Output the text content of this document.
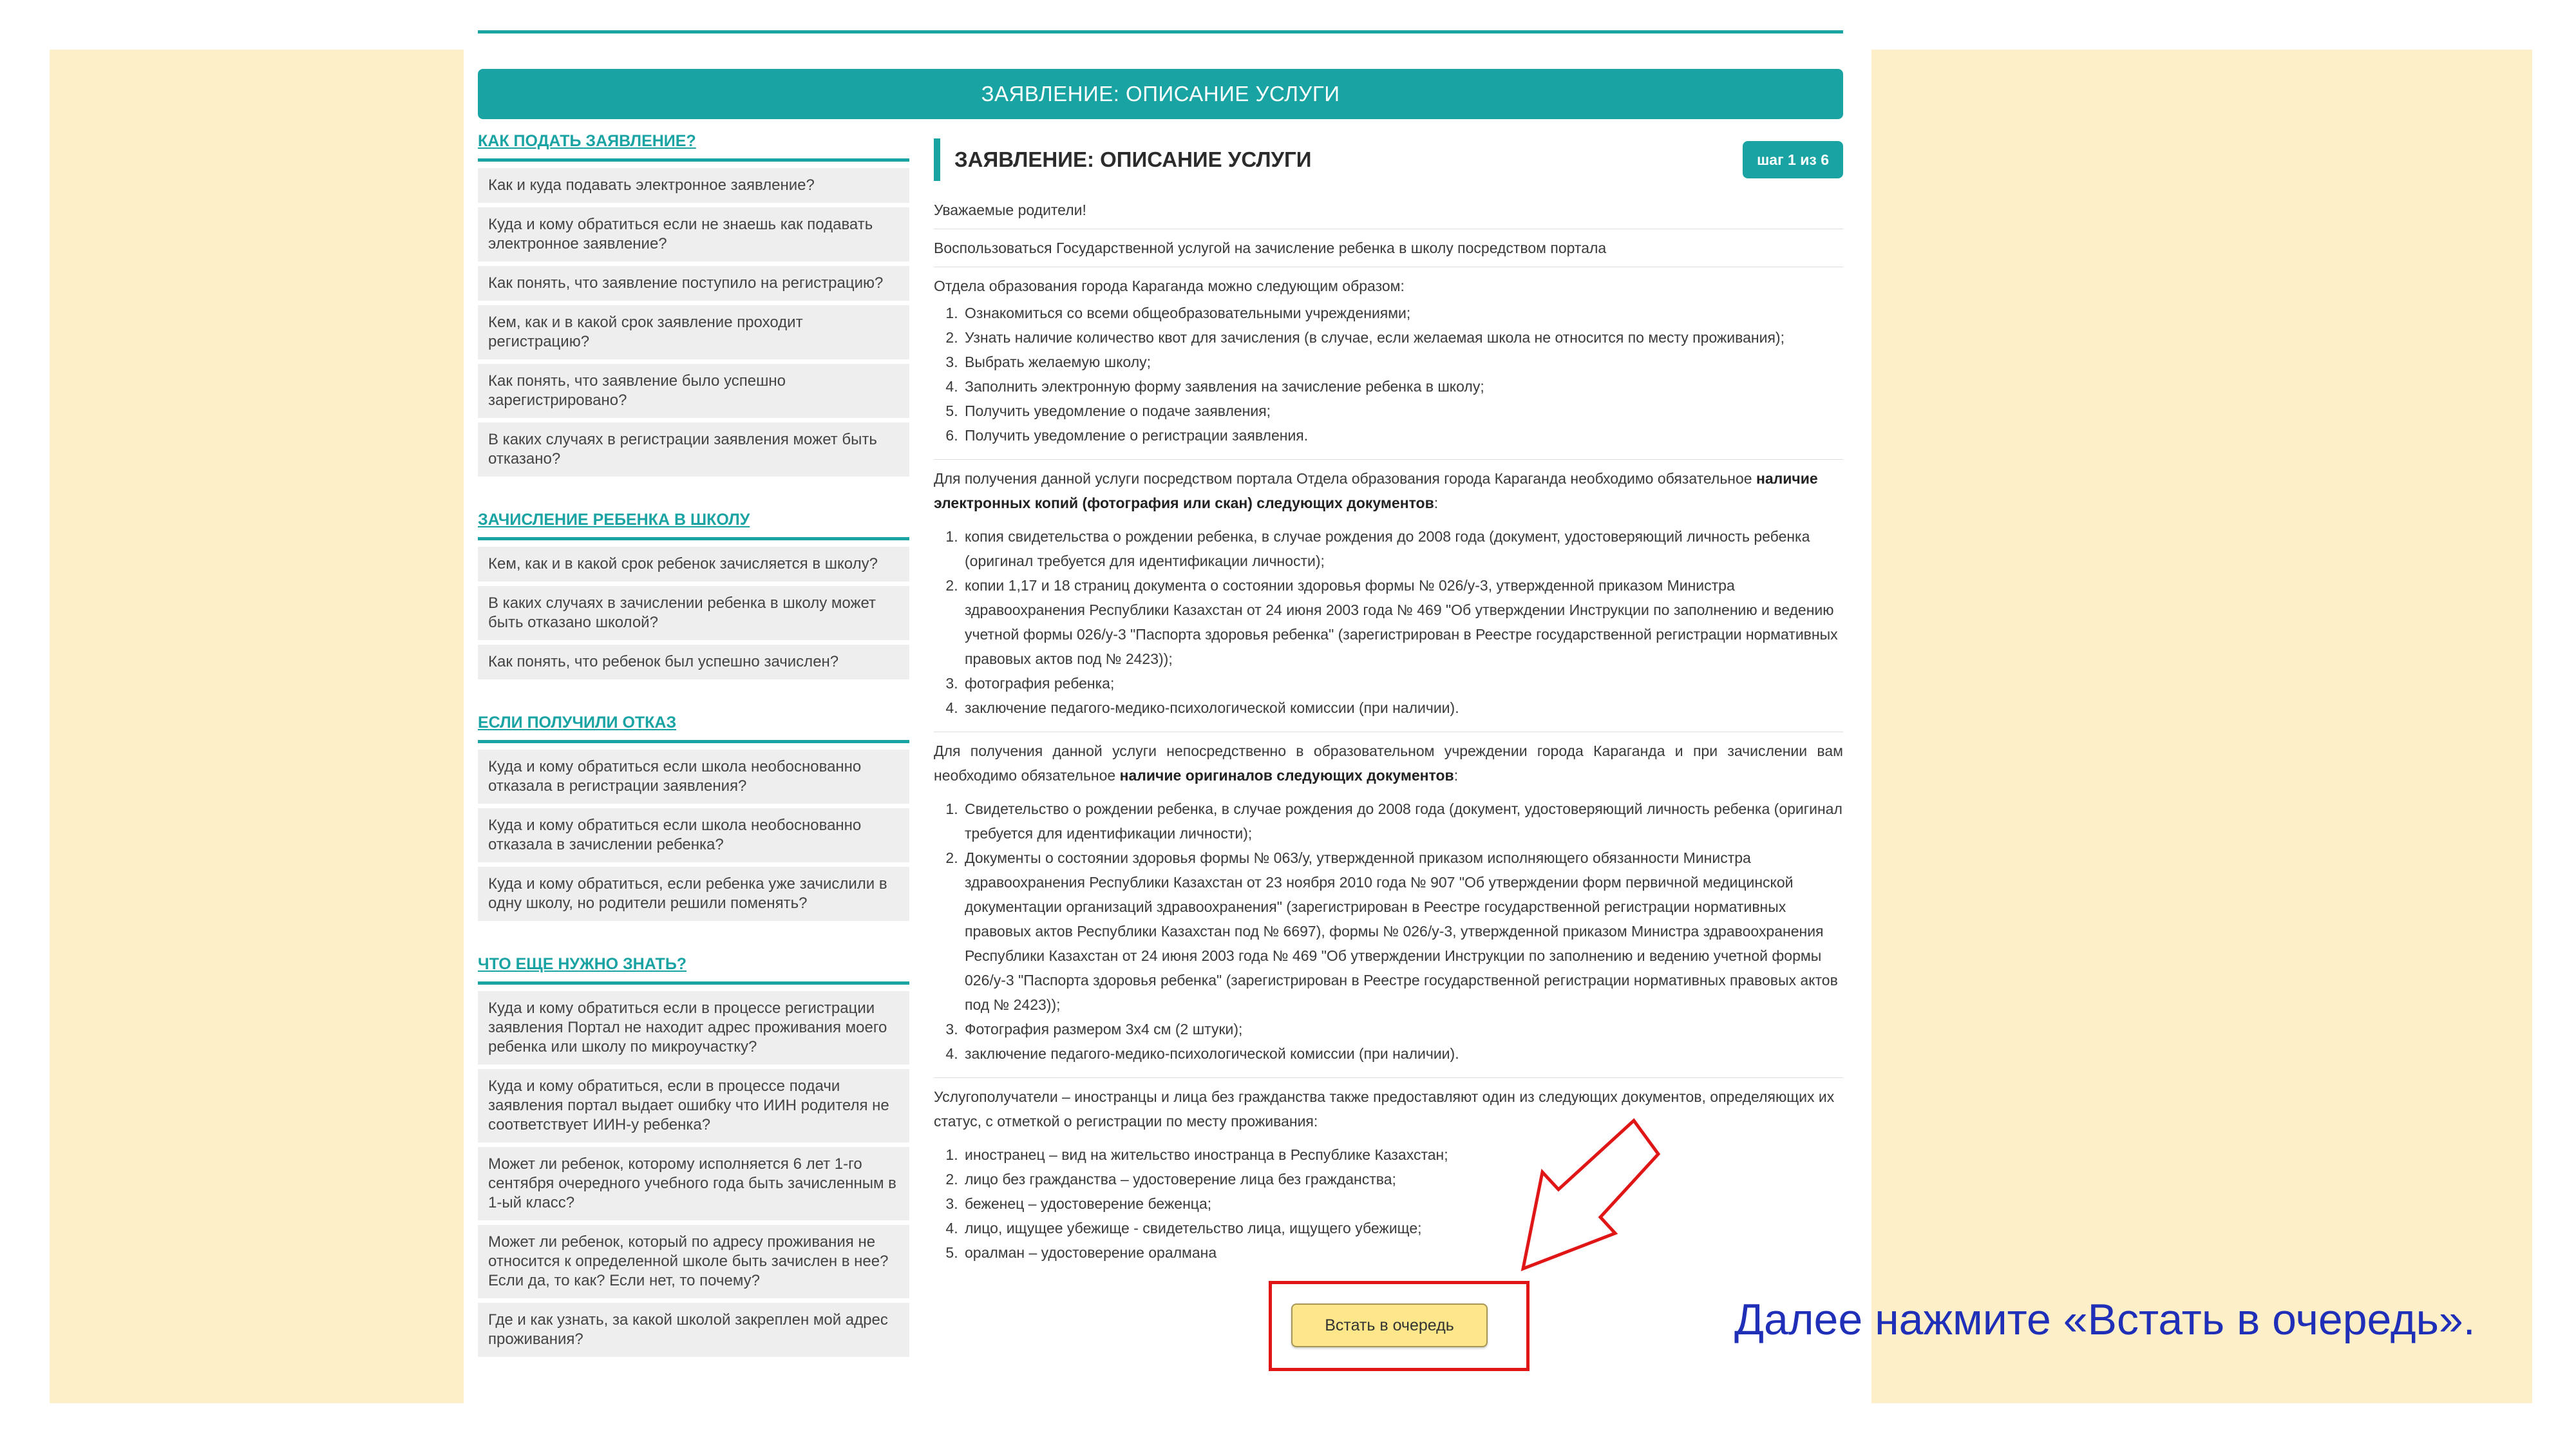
ЗАЯВЛЕНИЕ: ОПИСАНИЕ УСЛУГИ
КАК ПОДАТЬ ЗАЯВЛЕНИЕ?
Как и куда подавать электронное заявление?
Куда и кому обратиться если не знаешь как подавать электронное заявление?
Как понять, что заявление поступило на регистрацию?
Кем, как и в какой срок заявление проходит регистрацию?
Как понять, что заявление было успешно зарегистрировано?
В каких случаях в регистрации заявления может быть отказано?
ЗАЧИСЛЕНИЕ РЕБЕНКА В ШКОЛУ
Кем, как и в какой срок ребенок зачисляется в школу?
В каких случаях в зачислении ребенка в школу может быть отказано школой?
Как понять, что ребенок был успешно зачислен?
ЕСЛИ ПОЛУЧИЛИ ОТКАЗ
Куда и кому обратиться если школа необоснованно отказала в регистрации заявления?
Куда и кому обратиться если школа необоснованно отказала в зачислении ребенка?
Куда и кому обратиться, если ребенка уже зачислили в одну школу, но родители решили поменять?
ЧТО ЕЩЕ НУЖНО ЗНАТЬ?
Куда и кому обратиться если в процессе регистрации заявления Портал не находит адрес проживания моего ребенка или школу по микроучастку?
Куда и кому обратиться, если в процессе подачи заявления портал выдает ошибку что ИИН родителя не соответствует ИИН-у ребенка?
Может ли ребенок, которому исполняется 6 лет 1-го сентября очередного учебного года быть зачисленным в 1-ый класс?
Может ли ребенок, который по адресу проживания не относится к определенной школе быть зачислен в нее? Если да, то как? Если нет, то почему?
Где и как узнать, за какой школой закреплен мой адрес проживания?
ЗАЯВЛЕНИЕ: ОПИСАНИЕ УСЛУГИ	шаг 1 из 6

Уважаемые родители!

Воспользоваться Государственной услугой на зачисление ребенка в школу посредством портала

Отдела образования города Караганда можно следующим образом:

1. Ознакомиться со всеми общеобразовательными учреждениями;
2. Узнать наличие количество квот для зачисления (в случае, если желаемая школа не относится по месту проживания);
3. Выбрать желаемую школу;
4. Заполнить электронную форму заявления на зачисление ребенка в школу;
5. Получить уведомление о подаче заявления;
6. Получить уведомление о регистрации заявления.

Для получения данной услуги посредством портала Отдела образования города Караганда необходимо обязательное наличие электронных копий (фотография или скан) следующих документов:

1. копия свидетельства о рождении ребенка, в случае рождения до 2008 года (документ, удостоверяющий личность ребенка (оригинал требуется для идентификации личности);
2. копии 1,17 и 18 страниц документа о состоянии здоровья формы № 026/у-3, утвержденной приказом Министра здравоохранения Республики Казахстан от 24 июня 2003 года № 469 "Об утверждении Инструкции по заполнению и ведению учетной формы 026/у-3 "Паспорта здоровья ребенка" (зарегистрирован в Реестре государственной регистрации нормативных правовых актов под № 2423));
3. фотография ребенка;
4. заключение педагого-медико-психологической комиссии (при наличии).

Для получения данной услуги непосредственно в образовательном учреждении города Караганда и при зачислении вам необходимо обязательное наличие оригиналов следующих документов:

1. Свидетельство о рождении ребенка, в случае рождения до 2008 года (документ, удостоверяющий личность ребенка (оригинал требуется для идентификации личности);
2. Документы о состоянии здоровья формы № 063/у, утвержденной приказом исполняющего обязанности Министра здравоохранения Республики Казахстан от 23 ноября 2010 года № 907 "Об утверждении форм первичной медицинской документации организаций здравоохранения" (зарегистрирован в Реестре государственной регистрации нормативных правовых актов Республики Казахстан под № 6697), формы № 026/у-3, утвержденной приказом Министра здравоохранения Республики Казахстан от 24 июня 2003 года № 469 "Об утверждении Инструкции по заполнению и ведению учетной формы 026/у-3 "Паспорта здоровья ребенка" (зарегистрирован в Реестре государственной регистрации нормативных правовых актов под № 2423));
3. Фотография размером 3х4 см (2 штуки);
4. заключение педагого-медико-психологической комиссии (при наличии).

Услугополучатели – иностранцы и лица без гражданства также предоставляют один из следующих документов, определяющих их статус, с отметкой о регистрации по месту проживания:

1. иностранец – вид на жительство иностранца в Республике Казахстан;
2. лицо без гражданства – удостоверение лица без гражданства;
3. беженец – удостоверение беженца;
4. лицо, ищущее убежище - свидетельство лица, ищущего убежище;
5. оралман – удостоверение оралмана
Встать в очередь	Далее нажмите «Встать в очередь».
